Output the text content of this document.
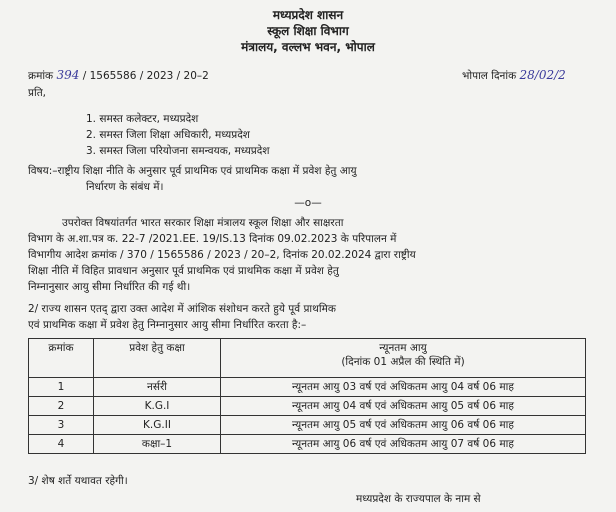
मध्यप्रदेश शासन
स्कूल शिक्षा विभाग
मंत्रालय, वल्लभ भवन, भोपाल
क्रमांक 394 / 1565586 / 2023 / 20–2	भोपाल दिनांक 28/02/2
प्रति,
1. समस्त कलेक्टर, मध्यप्रदेश
2. समस्त जिला शिक्षा अधिकारी, मध्यप्रदेश
3. समस्त जिला परियोजना समन्वयक, मध्यप्रदेश
विषय:–राष्ट्रीय शिक्षा नीति के अनुसार पूर्व प्राथमिक एवं प्राथमिक कक्षा में प्रवेश हेतु आयु
निर्धारण के संबंध में।
—o—
उपरोक्त विषयांतर्गत भारत सरकार शिक्षा मंत्रालय स्कूल शिक्षा और साक्षरता
विभाग के अ.शा.पत्र क. 22-7 /2021.EE. 19/IS.13 दिनांक 09.02.2023 के परिपालन में
विभागीय आदेश क्रमांक / 370 / 1565586 / 2023 / 20–2, दिनांक 20.02.2024 द्वारा राष्ट्रीय
शिक्षा नीति में विहित प्रावधान अनुसार पूर्व प्राथमिक एवं प्राथमिक कक्षा में प्रवेश हेतु
निम्नानुसार आयु सीमा निर्धारित की गई थी।
2/ राज्य शासन एतद् द्वारा उक्त आदेश में आंशिक संशोधन करते हुये पूर्व प्राथमिक
एवं प्राथमिक कक्षा में प्रवेश हेतु निम्नानुसार आयु सीमा निर्धारित करता है:–
क्रमांक	प्रवेश हेतु कक्षा	न्यूनतम आयु
(दिनांक 01 अप्रैल की स्थिति में)

1	नर्सरी	न्यूनतम आयु 03 वर्ष एवं अधिकतम आयु 04 वर्ष 06 माह
2	K.G.I	न्यूनतम आयु 04 वर्ष एवं अधिकतम आयु 05 वर्ष 06 माह
3	K.G.II	न्यूनतम आयु 05 वर्ष एवं अधिकतम आयु 06 वर्ष 06 माह
4	कक्षा–1	न्यूनतम आयु 06 वर्ष एवं अधिकतम आयु 07 वर्ष 06 माह
3/ शेष शर्ते यथावत रहेगी।
मध्यप्रदेश के राज्यपाल के नाम से
